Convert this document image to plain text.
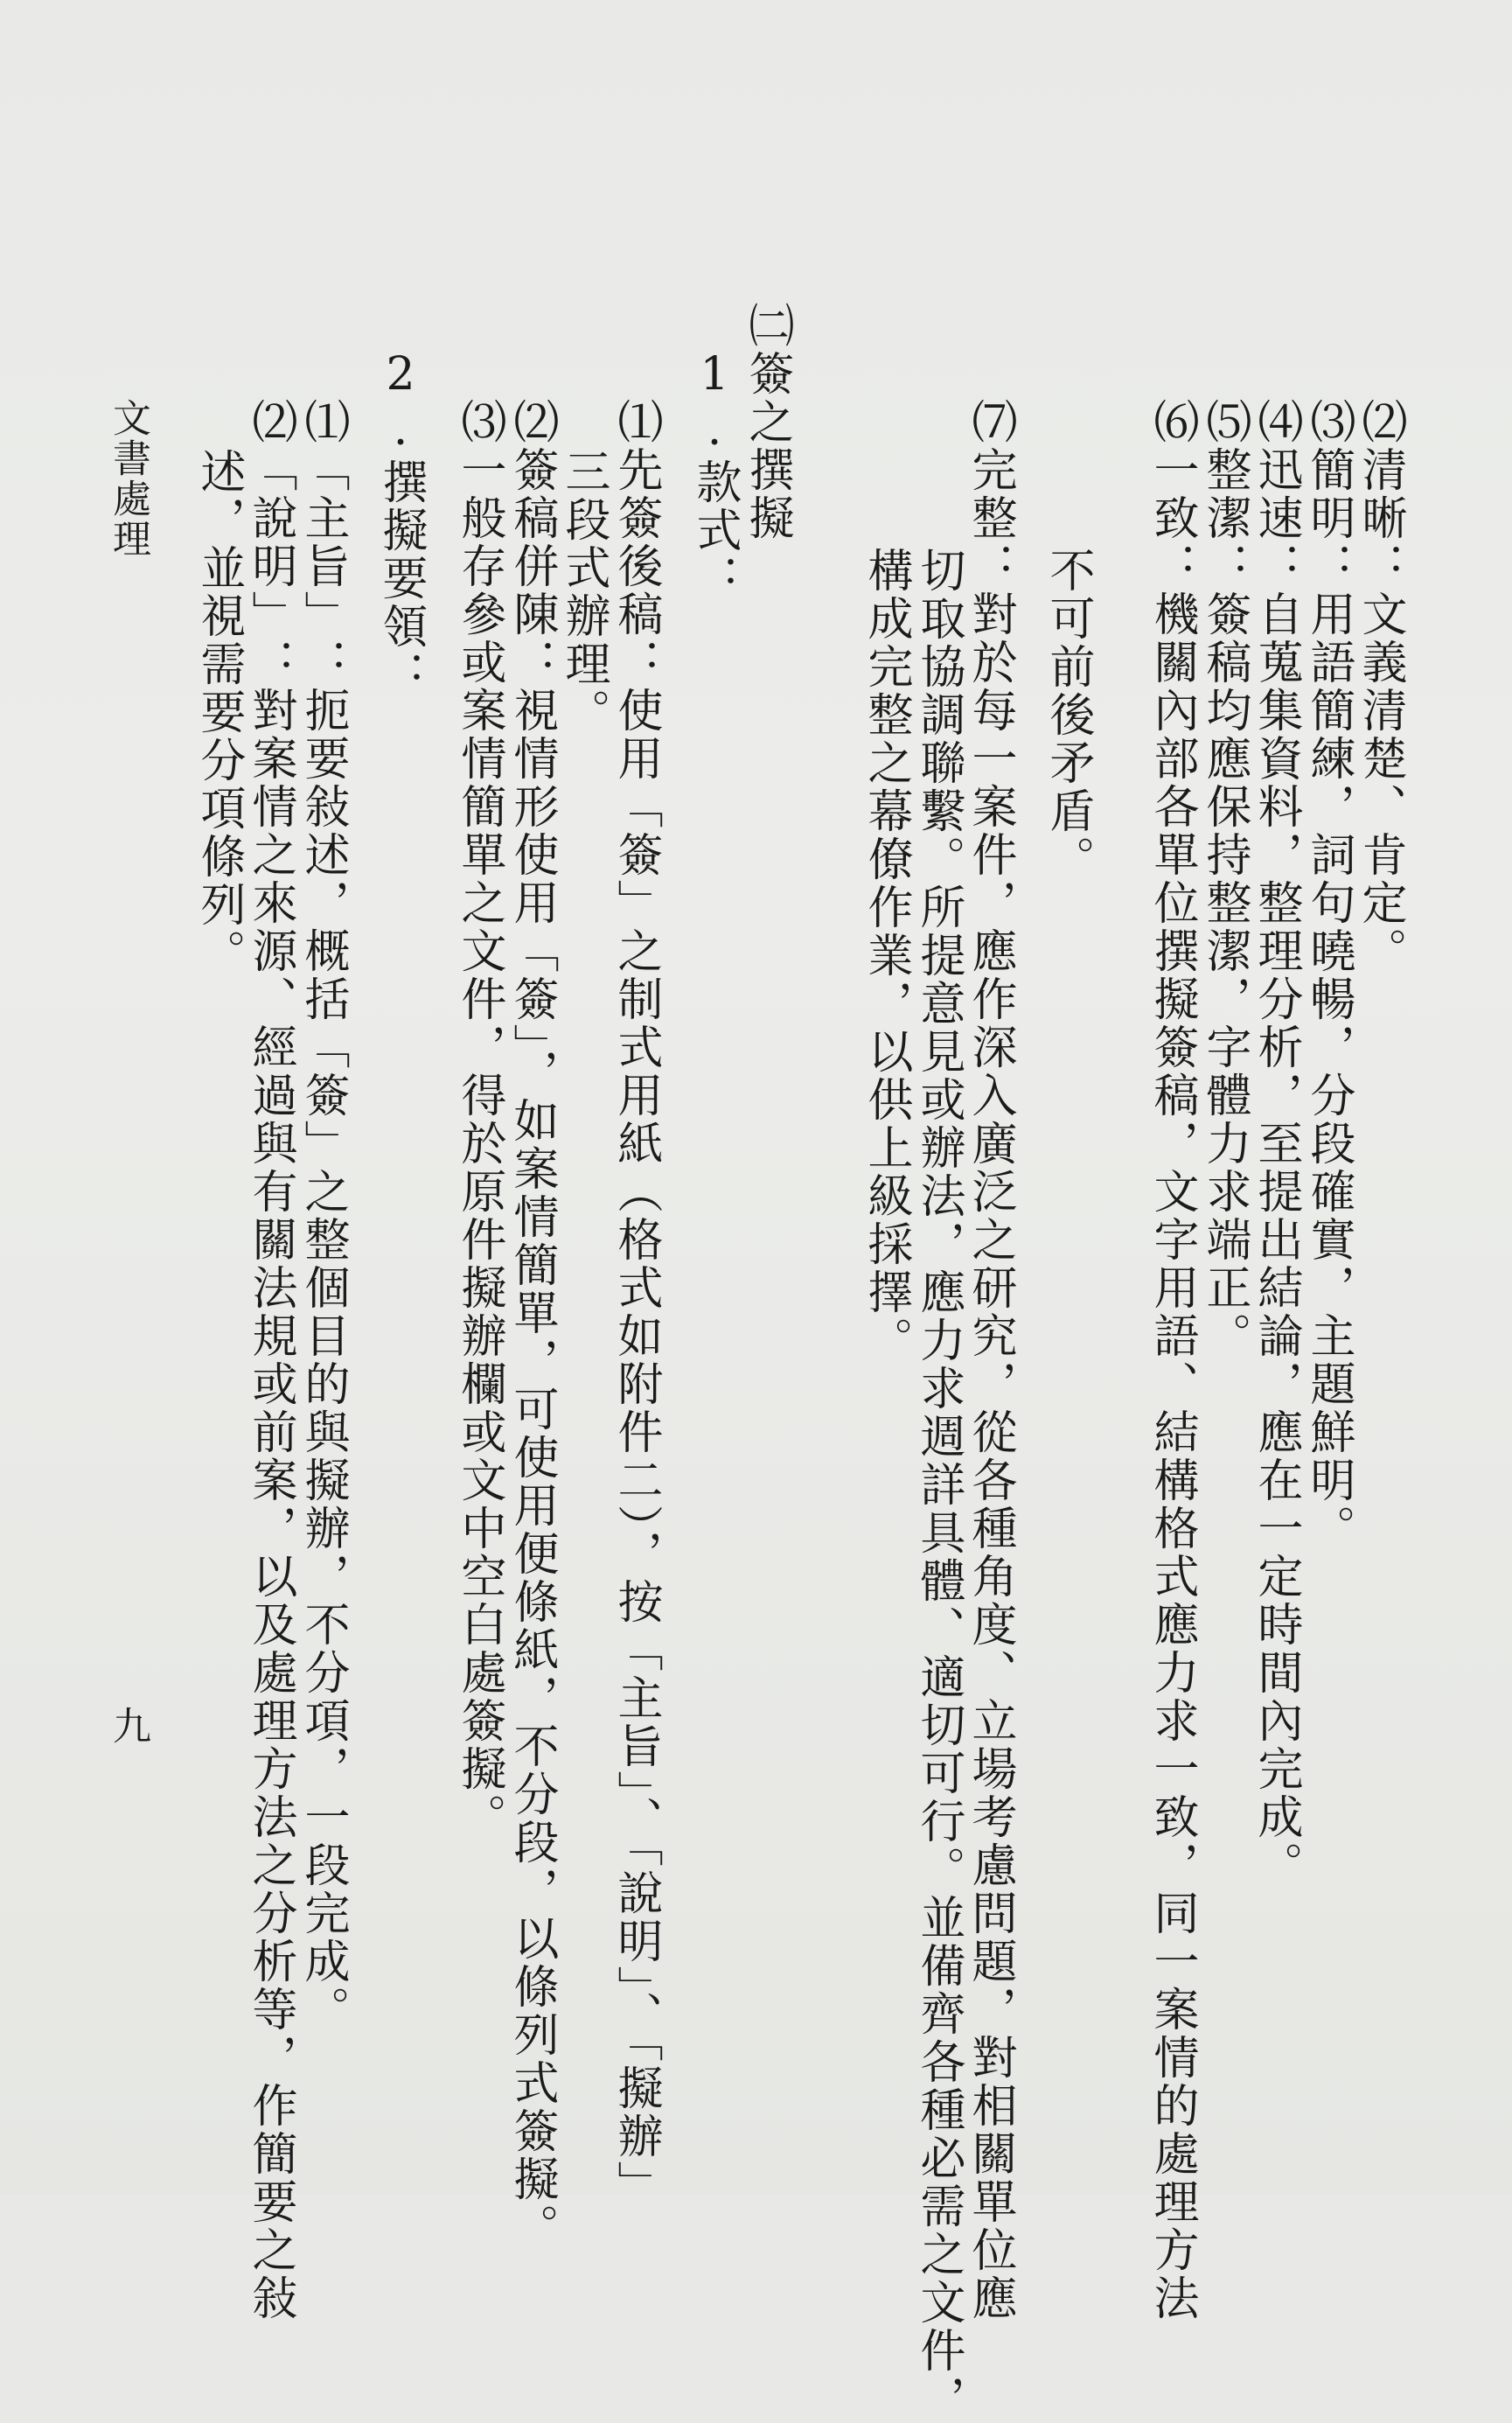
⑵清晰：文義清楚、肯定。
⑶簡明：用語簡練，詞句曉暢，分段確實，主題鮮明。
⑷迅速：自蒐集資料，整理分析，至提出結論，應在一定時間內完成。
⑸整潔：簽稿均應保持整潔，字體力求端正。
⑹一致：機關內部各單位撰擬簽稿，文字用語、結構格式應力求一致，同一案情的處理方法
不可前後矛盾。
⑺完整：對於每一案件，應作深入廣泛之研究，從各種角度、立場考慮問題，對相關單位應
切取協調聯繫。所提意見或辦法，應力求週詳具體、適切可行。並備齊各種必需之文件，
構成完整之幕僚作業，以供上級採擇。
㈡簽之撰擬
1.款式：
⑴先簽後稿：使用「簽」之制式用紙（格式如附件二），按「主旨」、「說明」、「擬辦」
三段式辦理。
⑵簽稿併陳：視情形使用「簽」，如案情簡單，可使用便條紙，不分段，以條列式簽擬。
⑶一般存參或案情簡單之文件，得於原件擬辦欄或文中空白處簽擬。
2.撰擬要領：
⑴「主旨」：扼要敍述，概括「簽」之整個目的與擬辦，不分項，一段完成。
⑵「說明」：對案情之來源、經過與有關法規或前案，以及處理方法之分析等，作簡要之敍
述，並視需要分項條列。
文書處理
九
